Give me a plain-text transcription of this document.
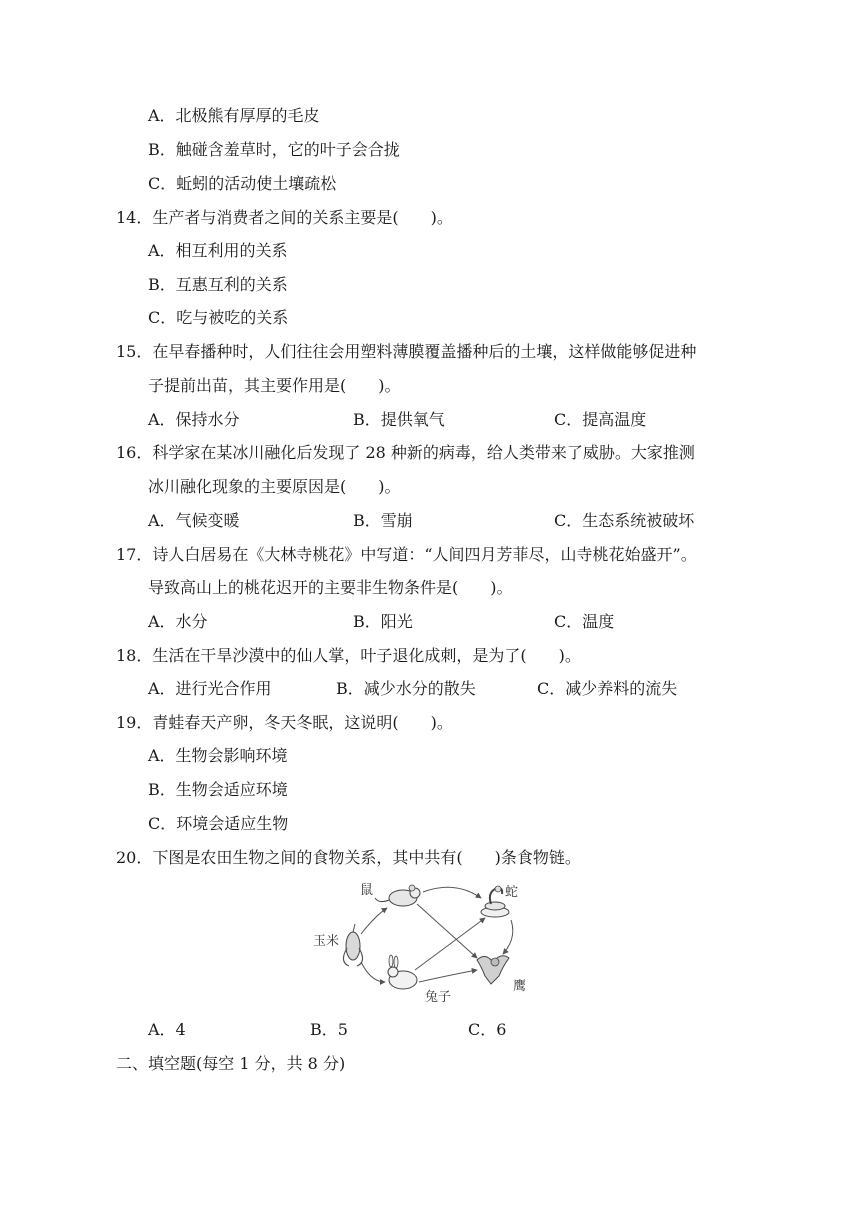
A．北极熊有厚厚的毛皮
B．触碰含羞草时，它的叶子会合拢
C．蚯蚓的活动使土壤疏松
14．生产者与消费者之间的关系主要是(　　)。
A．相互利用的关系
B．互惠互利的关系
C．吃与被吃的关系
15．在早春播种时，人们往往会用塑料薄膜覆盖播种后的土壤，这样做能够促进种
子提前出苗，其主要作用是(　　)。
A．保持水分	B．提供氧气	C．提高温度
16．科学家在某冰川融化后发现了 28 种新的病毒，给人类带来了威胁。大家推测
冰川融化现象的主要原因是(　　)。
A．气候变暖	B．雪崩	C．生态系统被破坏
17．诗人白居易在《大林寺桃花》中写道：“人间四月芳菲尽，山寺桃花始盛开”。
导致高山上的桃花迟开的主要非生物条件是(　　)。
A．水分	B．阳光	C．温度
18．生活在干旱沙漠中的仙人掌，叶子退化成刺，是为了(　　)。
A．进行光合作用	B．减少水分的散失	C．减少养料的流失
19．青蛙春天产卵，冬天冬眠，这说明(　　)。
A．生物会影响环境
B．生物会适应环境
C．环境会适应生物
20．下图是农田生物之间的食物关系，其中共有(　　)条食物链。
鼠	蛇
玉米
兔子
鹰
A．4	B．5	C．6
二、填空题(每空 1 分，共 8 分)
